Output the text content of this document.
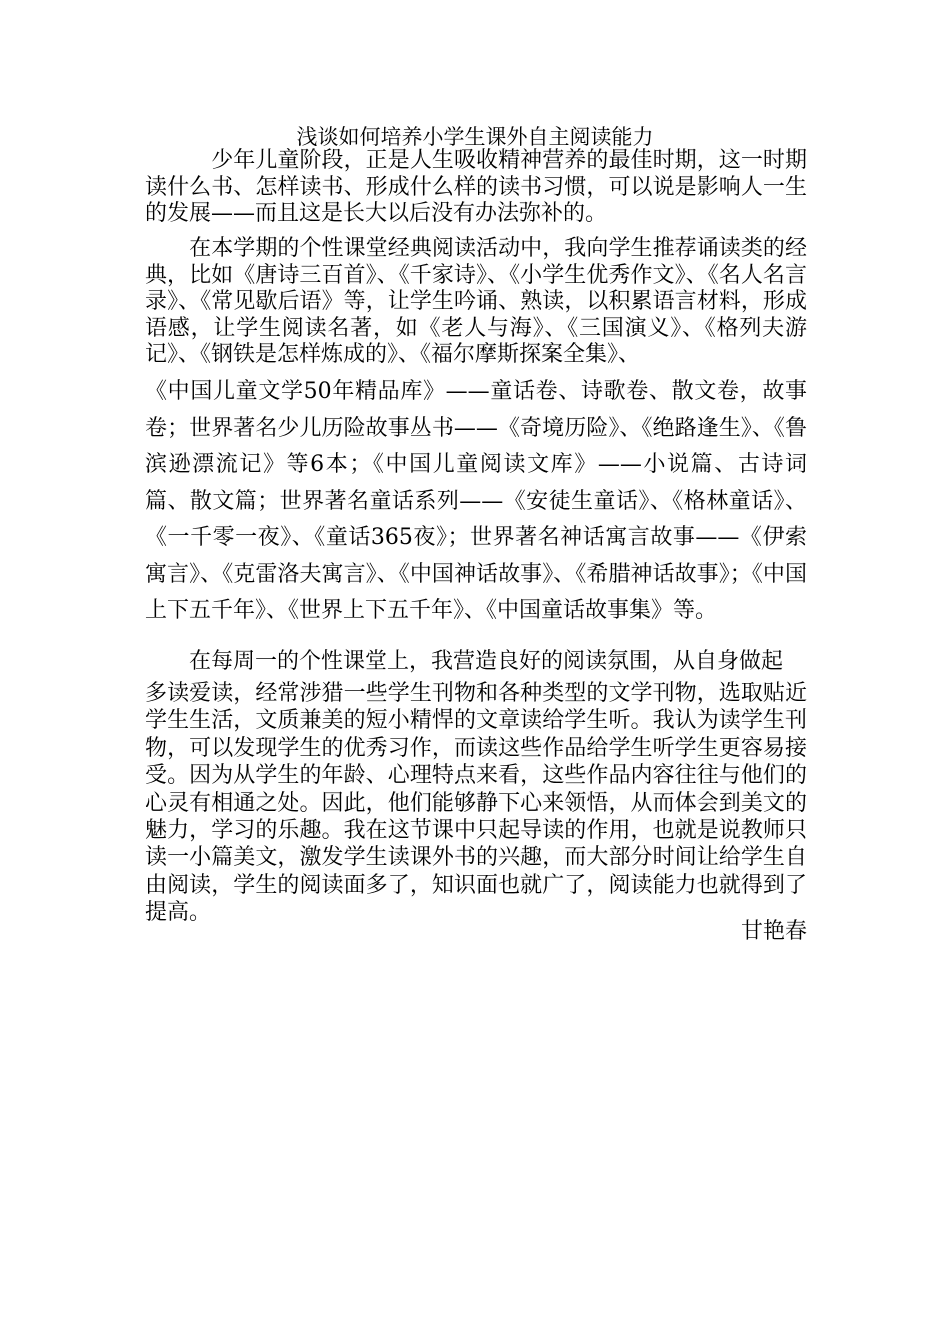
浅谈如何培养小学生课外自主阅读能力

　　　少年儿童阶段，正是人生吸收精神营养的最佳时期，这一时期读什么书、怎样读书、形成什么样的读书习惯，可以说是影响人一生的发展——而且这是长大以后没有办法弥补的。

　　在本学期的个性课堂经典阅读活动中，我向学生推荐诵读类的经典，比如《唐诗三百首》、《千家诗》、《小学生优秀作文》、《名人名言录》、《常见歇后语》等，让学生吟诵、熟读，以积累语言材料，形成语感，让学生阅读名著，如《老人与海》、《三国演义》、《格列夫游记》、《钢铁是怎样炼成的》、《福尔摩斯探案全集》、

《中国儿童文学50年精品库》——童话卷、诗歌卷、散文卷，故事卷；世界著名少儿历险故事丛书——《奇境历险》、《绝路逢生》、《鲁滨逊漂流记》等6本；《中国儿童阅读文库》——小说篇、古诗词篇、散文篇；世界著名童话系列——《安徒生童话》、《格林童话》、《一千零一夜》、《童话365夜》；世界著名神话寓言故事——《伊索寓言》、《克雷洛夫寓言》、《中国神话故事》、《希腊神话故事》；《中国上下五千年》、《世界上下五千年》、《中国童话故事集》等。

　　在每周一的个性课堂上，我营造良好的阅读氛围，从自身做起

多读爱读，经常涉猎一些学生刊物和各种类型的文学刊物，选取贴近学生生活，文质兼美的短小精悍的文章读给学生听。我认为读学生刊物，可以发现学生的优秀习作，而读这些作品给学生听学生更容易接受。因为从学生的年龄、心理特点来看，这些作品内容往往与他们的心灵有相通之处。因此，他们能够静下心来领悟，从而体会到美文的魅力，学习的乐趣。我在这节课中只起导读的作用，也就是说教师只读一小篇美文，激发学生读课外书的兴趣，而大部分时间让给学生自由阅读，学生的阅读面多了，知识面也就广了，阅读能力也就得到了提高。

甘艳春
